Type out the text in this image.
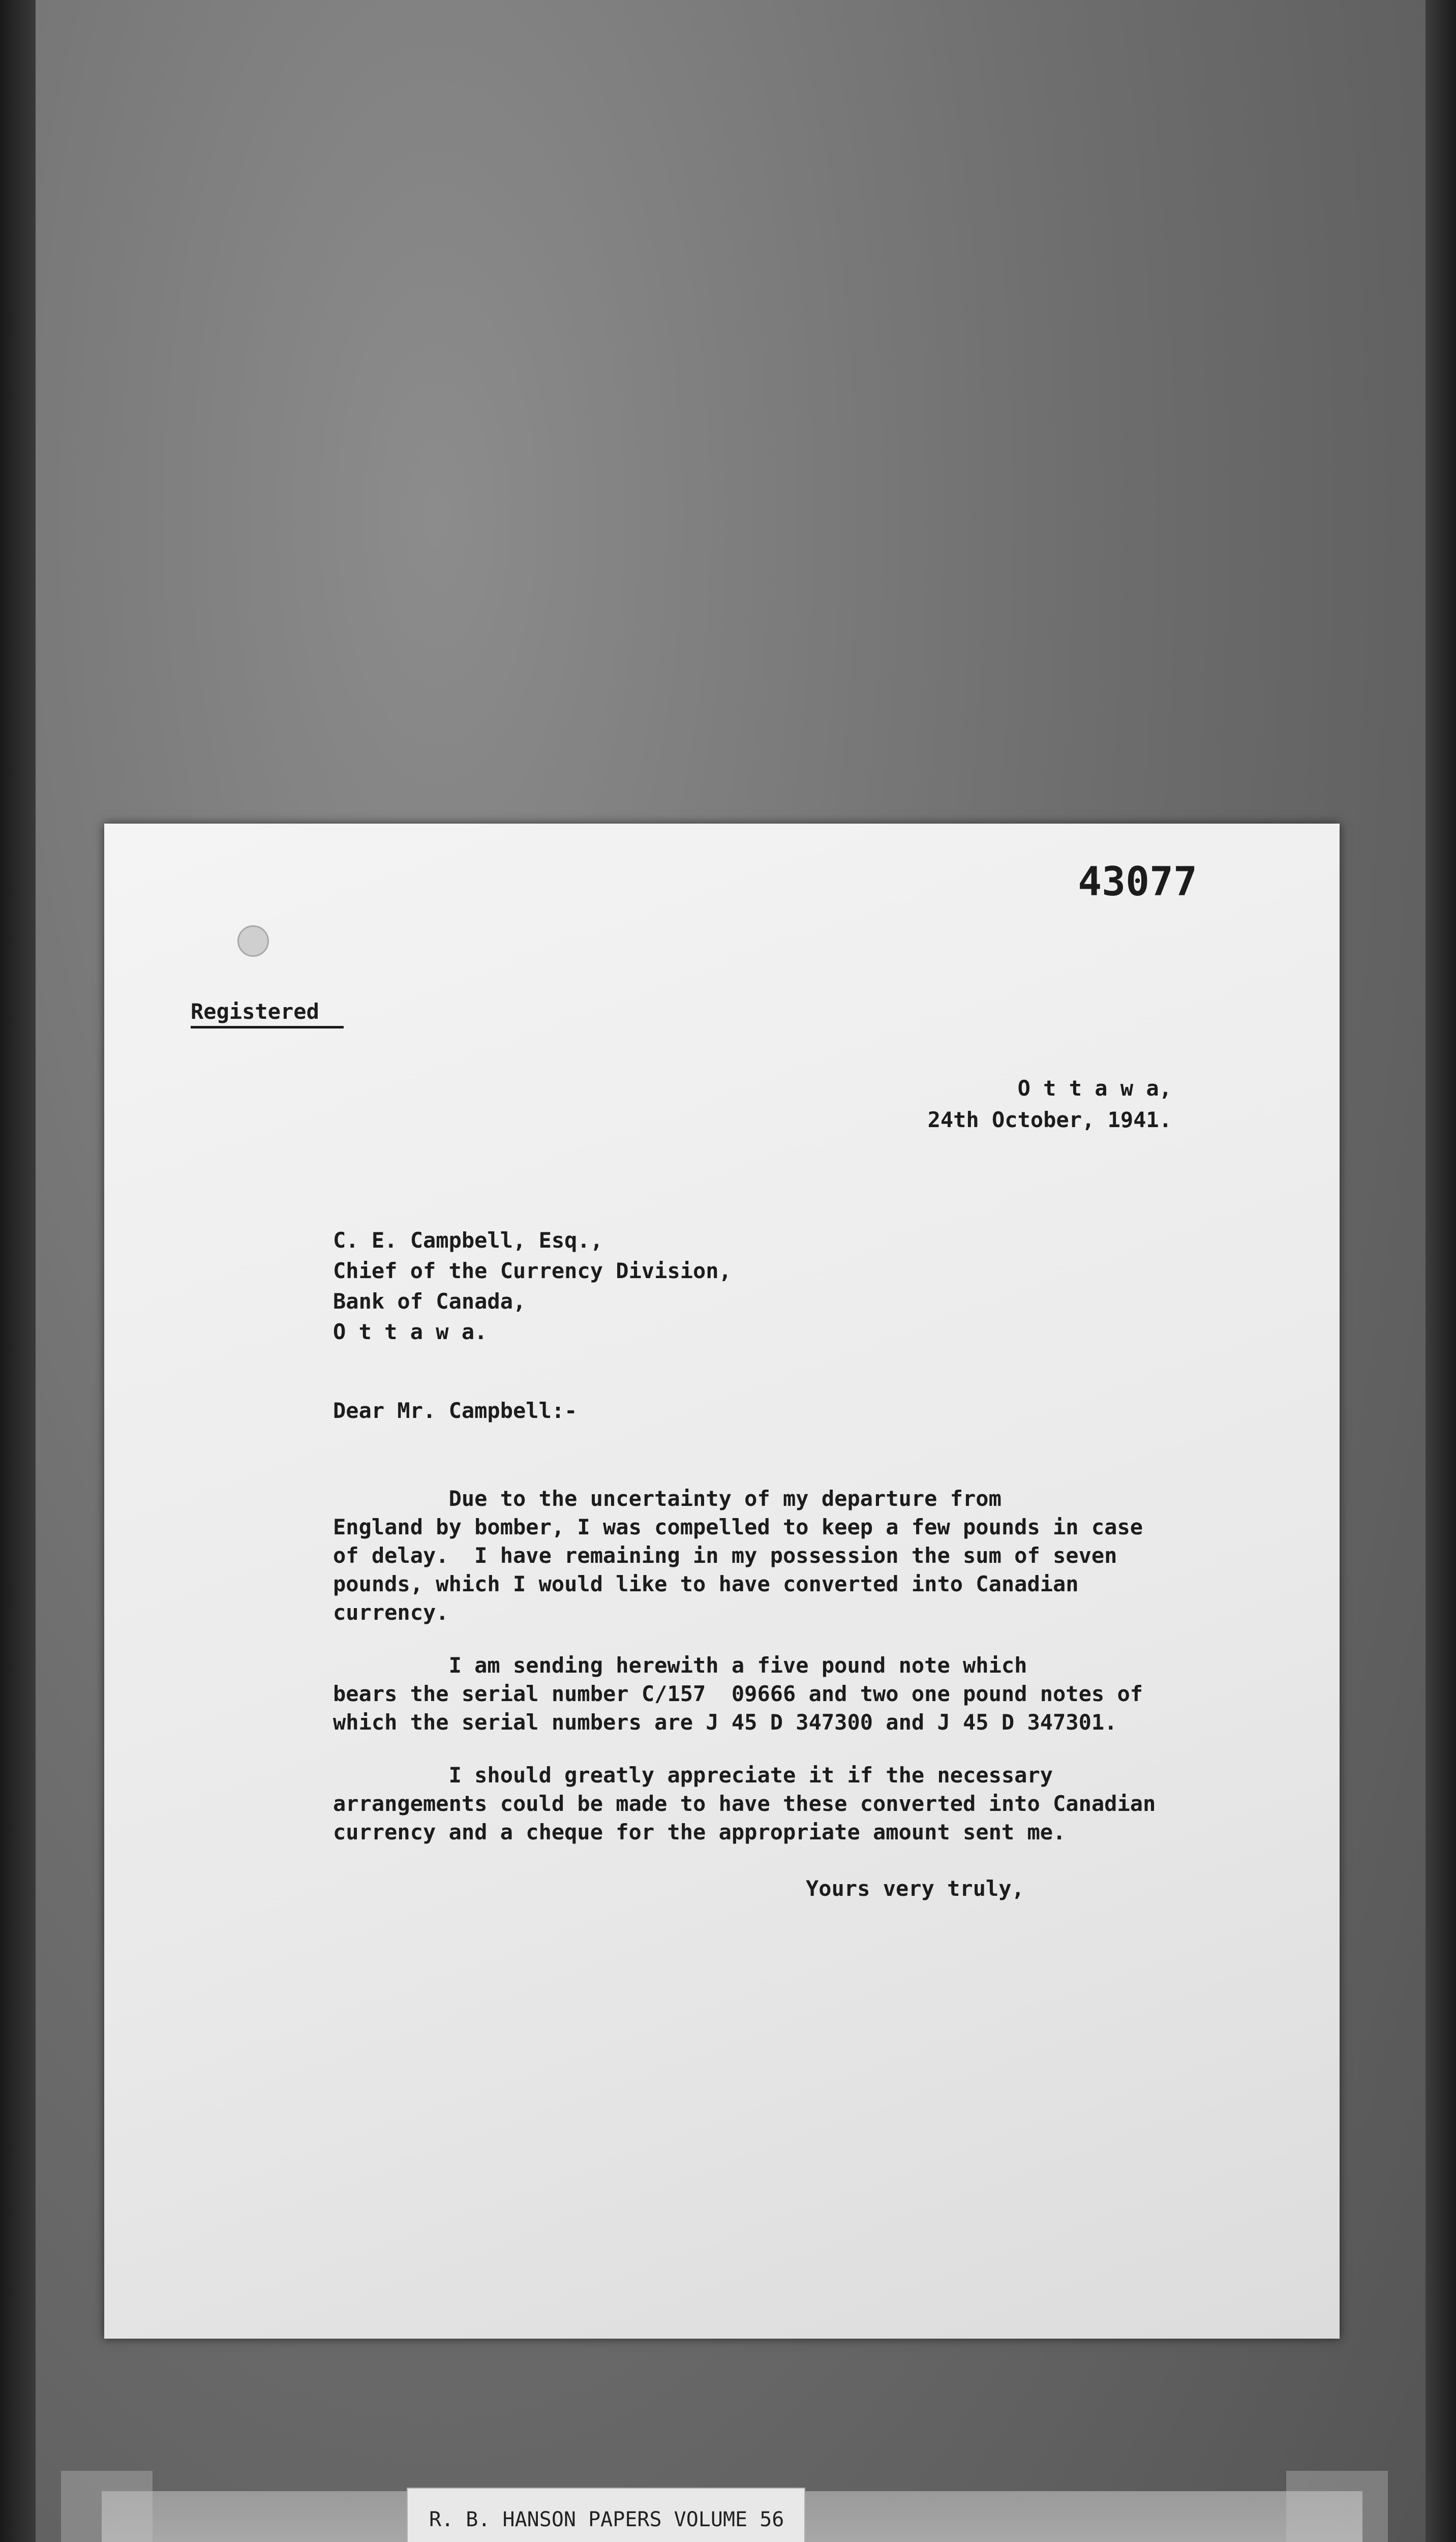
43077
Registered
O t t a w a,
24th October, 1941.
C. E. Campbell, Esq.,
Chief of the Currency Division,
Bank of Canada,
O t t a w a.
Dear Mr. Campbell:-
Due to the uncertainty of my departure from
England by bomber, I was compelled to keep a few pounds in case
of delay.  I have remaining in my possession the sum of seven
pounds, which I would like to have converted into Canadian
currency.
I am sending herewith a five pound note which
bears the serial number C/157  09666 and two one pound notes of
which the serial numbers are J 45 D 347300 and J 45 D 347301.
I should greatly appreciate it if the necessary
arrangements could be made to have these converted into Canadian
currency and a cheque for the appropriate amount sent me.
Yours very truly,
R. B. HANSON PAPERS VOLUME 56
